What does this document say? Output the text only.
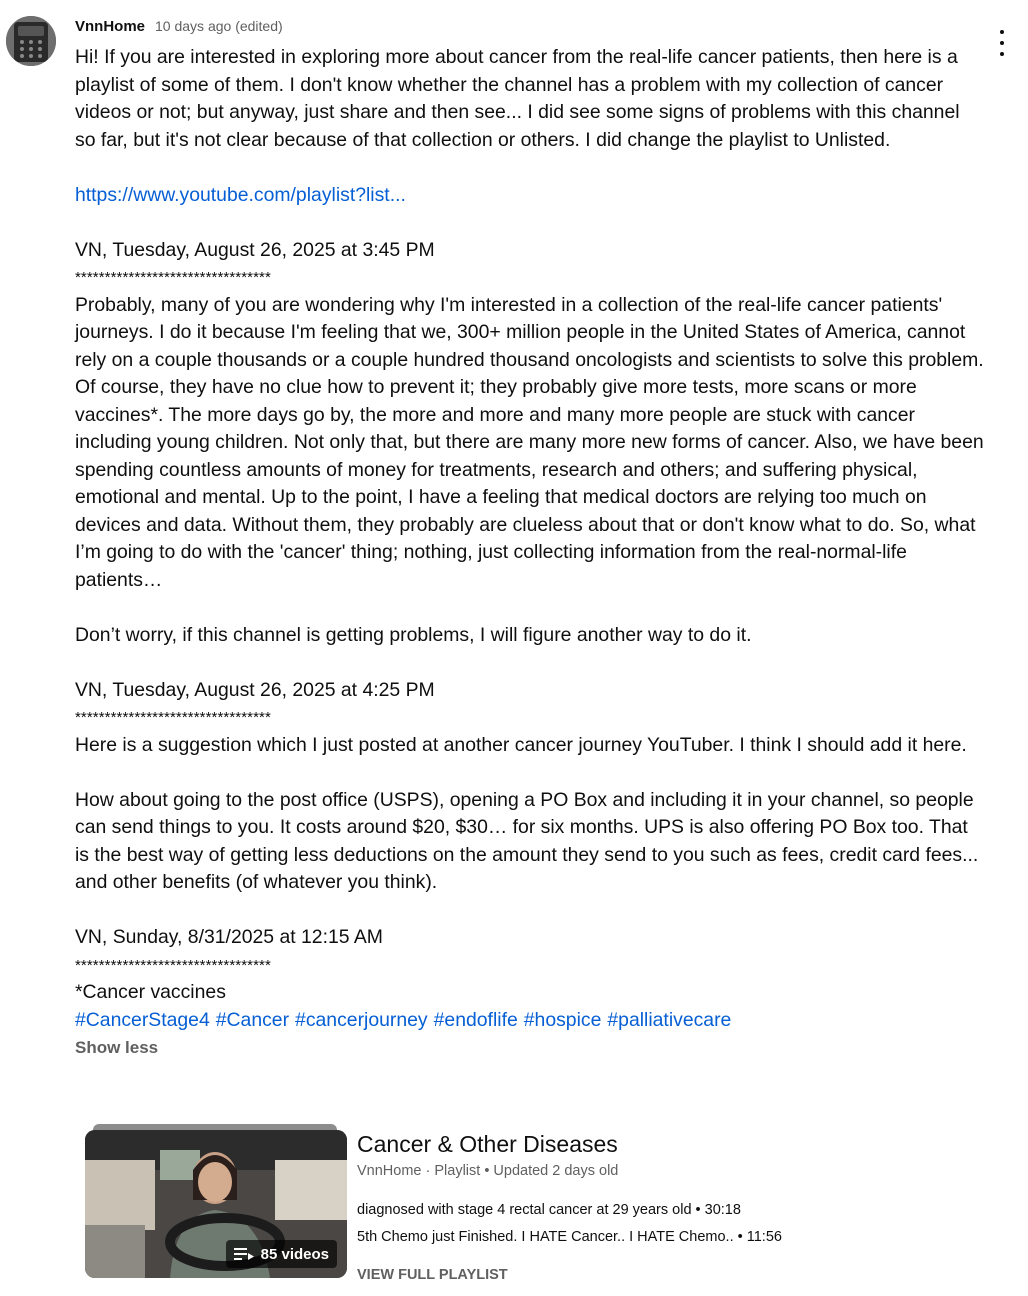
VnnHome 10 days ago (edited)

Hi! If you are interested in exploring more about cancer from the real-life cancer patients, then here is a playlist of some of them. I don't know whether the channel has a problem with my collection of cancer videos or not; but anyway, just share and then see... I did see some signs of problems with this channel so far, but it's not clear because of that collection or others. I did change the playlist to Unlisted.

https://www.youtube.com/playlist?list...

VN, Tuesday, August 26, 2025 at 3:45 PM

*********************************

Probably, many of you are wondering why I'm interested in a collection of the real-life cancer patients' journeys. I do it because I'm feeling that we, 300+ million people in the United States of America, cannot rely on a couple thousands or a couple hundred thousand oncologists and scientists to solve this problem. Of course, they have no clue how to prevent it; they probably give more tests, more scans or more vaccines*. The more days go by, the more and more and many more people are stuck with cancer including young children. Not only that, but there are many more new forms of cancer. Also, we have been spending countless amounts of money for treatments, research and others; and suffering physical, emotional and mental. Up to the point, I have a feeling that medical doctors are relying too much on devices and data. Without them, they probably are clueless about that or don't know what to do. So, what I’m going to do with the 'cancer' thing; nothing, just collecting information from the real-normal-life patients…

Don’t worry, if this channel is getting problems, I will figure another way to do it.

VN, Tuesday, August 26, 2025 at 4:25 PM

*********************************

Here is a suggestion which I just posted at another cancer journey YouTuber. I think I should add it here.

How about going to the post office (USPS), opening a PO Box and including it in your channel, so people can send things to you. It costs around $20, $30… for six months. UPS is also offering PO Box too. That is the best way of getting less deductions on the amount they send to you such as fees, credit card fees... and other benefits (of whatever you think).

VN, Sunday, 8/31/2025 at 12:15 AM

*********************************

*Cancer vaccines

#CancerStage4 #Cancer #cancerjourney #endoflife #hospice #palliativecare

Show less
85 videos
Cancer & Other Diseases
VnnHome · Playlist • Updated 2 days old
diagnosed with stage 4 rectal cancer at 29 years old • 30:18
5th Chemo just Finished. I HATE Cancer.. I HATE Chemo.. • 11:56
VIEW FULL PLAYLIST
